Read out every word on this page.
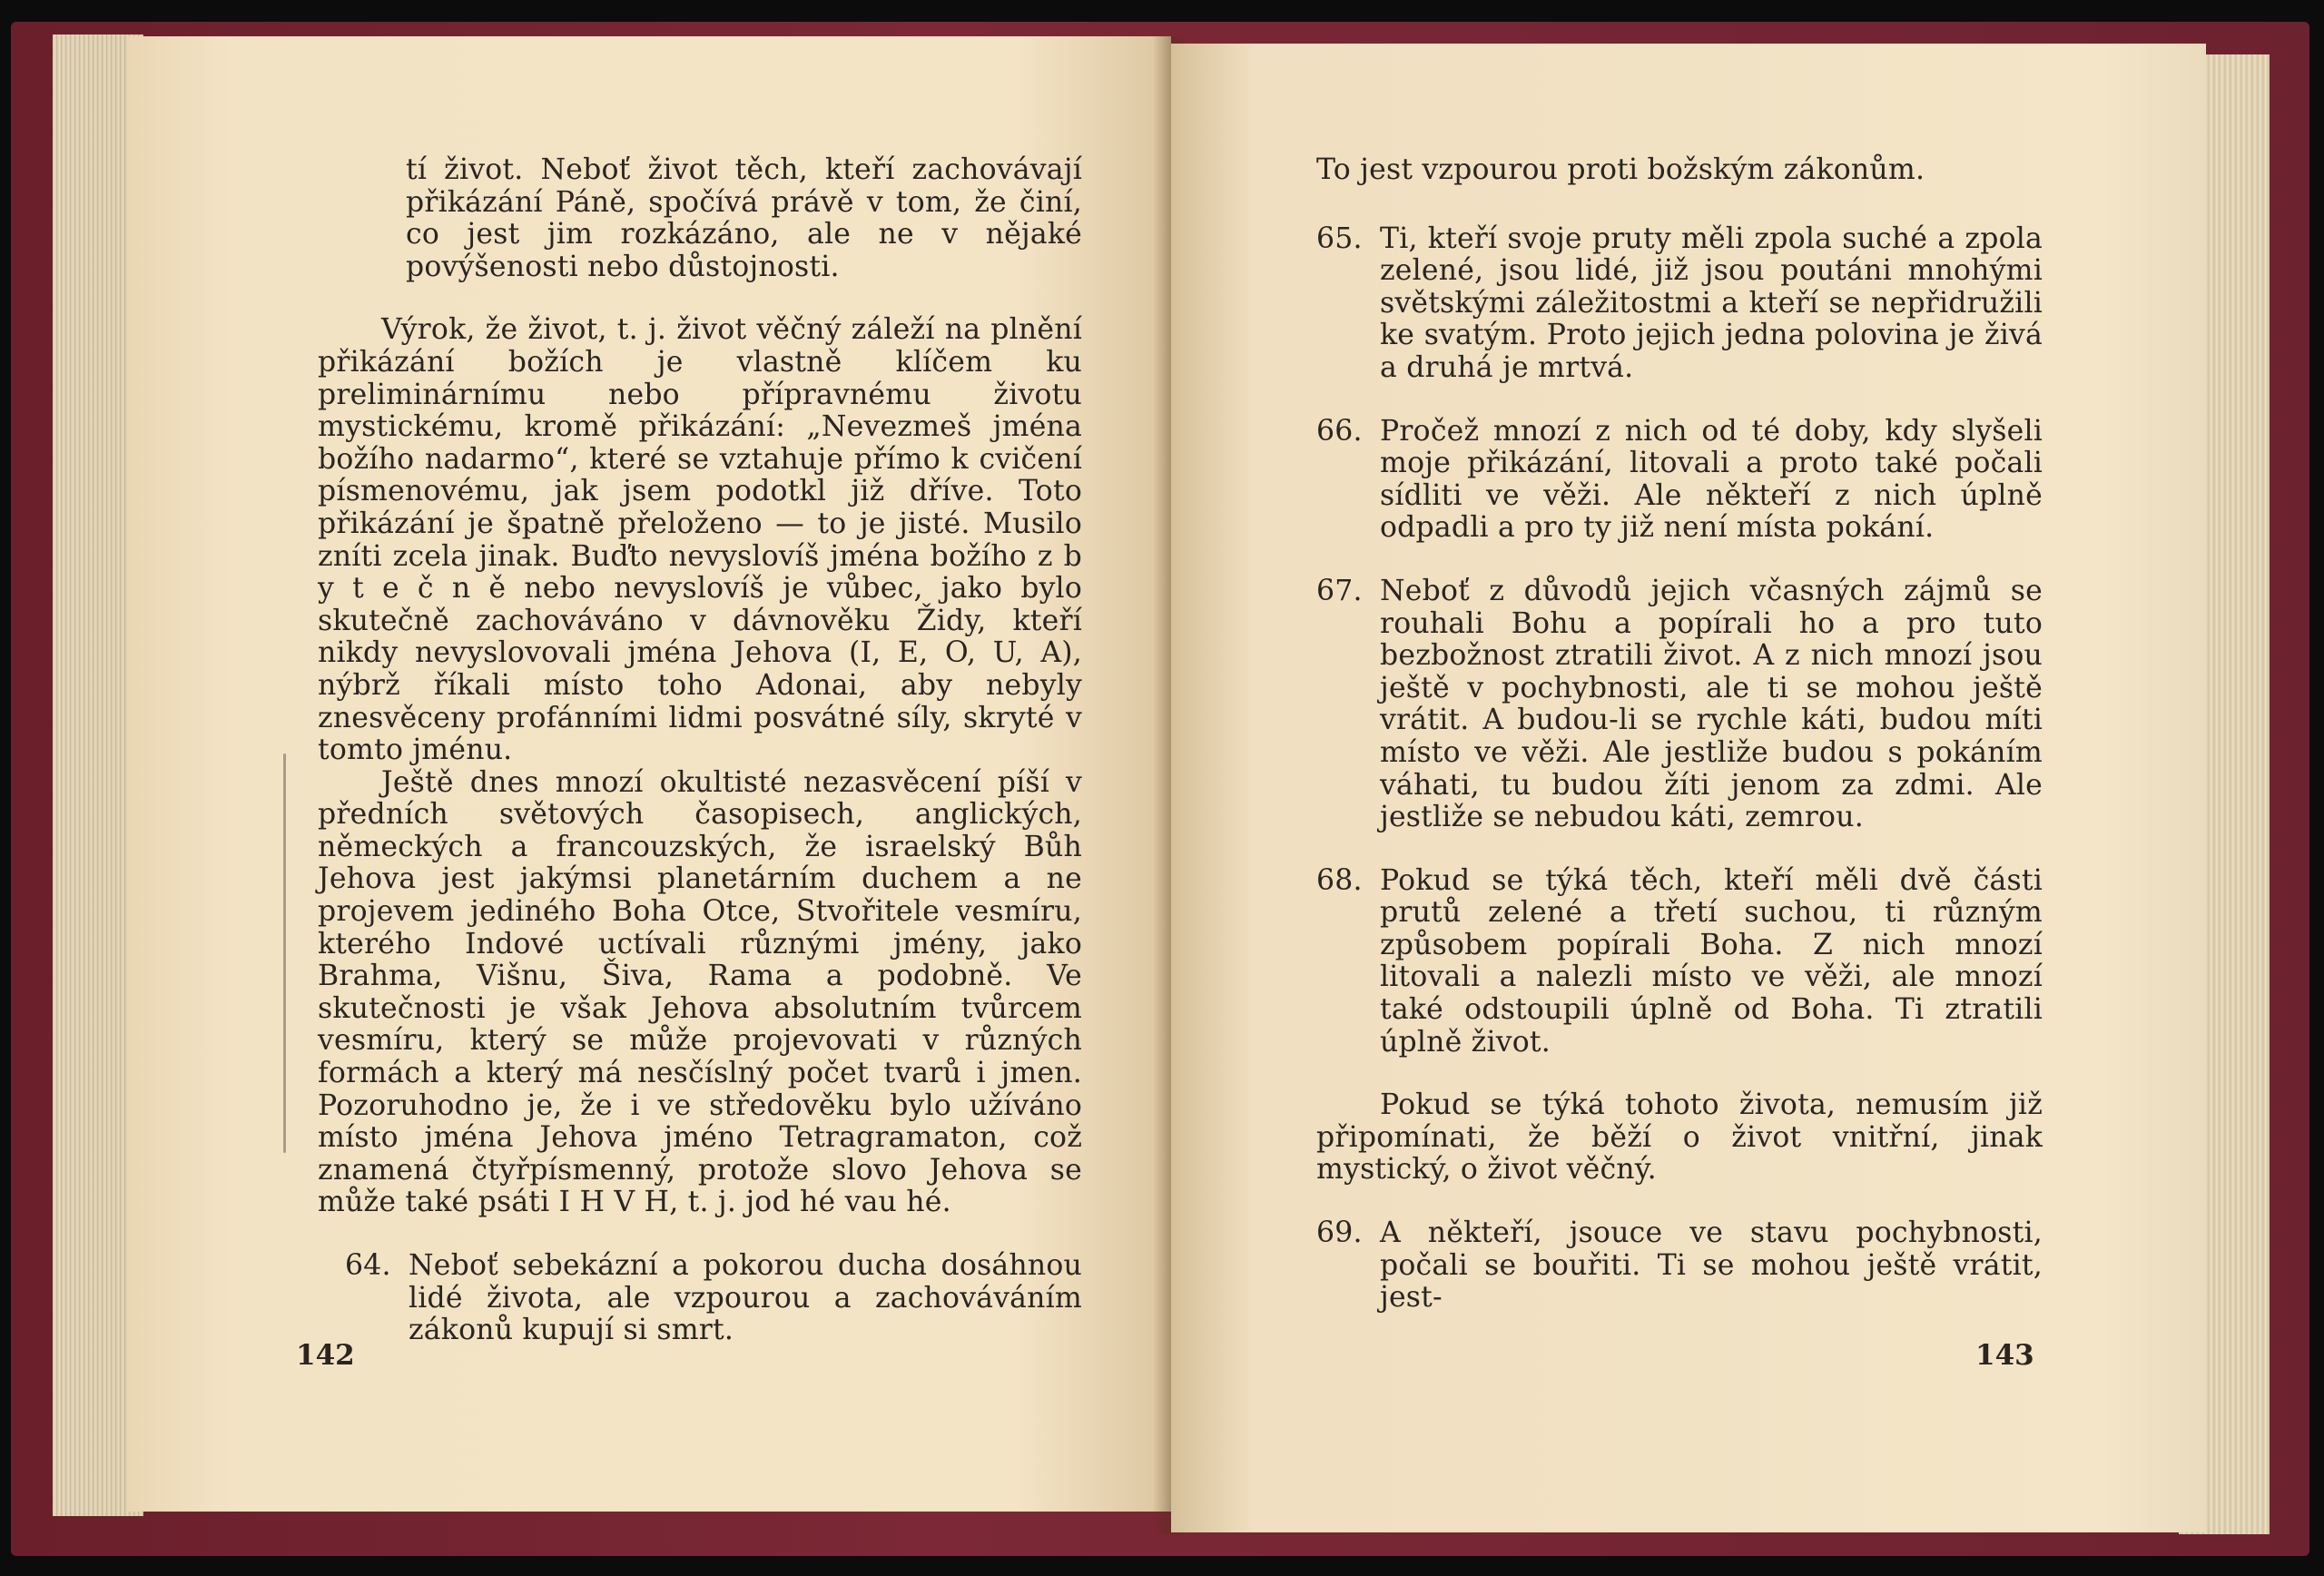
tí život. Neboť život těch, kteří zachovávají přikázání Páně, spočívá právě v tom, že činí, co jest jim rozkázáno, ale ne v nějaké povýšenosti nebo důstojnosti.

Výrok, že život, t. j. život věčný záleží na plnění přikázání božích je vlastně klíčem ku preliminárnímu nebo přípravnému životu mystickému, kromě přikázání: „Nevezmeš jména božího nadarmo“, které se vztahuje přímo k cvičení písmenovému, jak jsem podotkl již dříve. Toto přikázání je špatně přeloženo — to je jisté. Musilo zníti zcela jinak. Buďto nevyslovíš jména božího z b y t e č n ě nebo nevyslovíš je vůbec, jako bylo skutečně zachováváno v dávnověku Židy, kteří nikdy nevyslovovali jména Jehova (I, E, O, U, A), nýbrž říkali místo toho Adonai, aby nebyly znesvěceny profánními lidmi posvátné síly, skryté v tomto jménu.

Ještě dnes mnozí okultisté nezasvěcení píší v předních světových časopisech, anglických, německých a francouzských, že israelský Bůh Jehova jest jakýmsi planetárním duchem a ne projevem jediného Boha Otce, Stvořitele vesmíru, kterého Indové uctívali různými jmény, jako Brahma, Višnu, Šiva, Rama a podobně. Ve skutečnosti je však Jehova absolutním tvůrcem vesmíru, který se může projevovati v různých formách a který má nesčíslný počet tvarů i jmen. Pozoruhodno je, že i ve středověku bylo užíváno místo jména Jehova jméno Tetragramaton, což znamená čtyřpísmenný, protože slovo Jehova se může také psáti I H V H, t. j. jod hé vau hé.

64. Neboť sebekázní a pokorou ducha dosáhnou lidé života, ale vzpourou a zachováváním zákonů kupují si smrt.

142

To jest vzpourou proti božským zákonům.

65. Ti, kteří svoje pruty měli zpola suché a zpola zelené, jsou lidé, již jsou poutáni mnohými světskými záležitostmi a kteří se nepřidružili ke svatým. Proto jejich jedna polovina je živá a druhá je mrtvá.

66. Pročež mnozí z nich od té doby, kdy slyšeli moje přikázání, litovali a proto také počali sídliti ve věži. Ale někteří z nich úplně odpadli a pro ty již není místa pokání.

67. Neboť z důvodů jejich včasných zájmů se rouhali Bohu a popírali ho a pro tuto bezbožnost ztratili život. A z nich mnozí jsou ještě v pochybnosti, ale ti se mohou ještě vrátit. A budou-li se rychle káti, budou míti místo ve věži. Ale jestliže budou s pokáním váhati, tu budou žíti jenom za zdmi. Ale jestliže se nebudou káti, zemrou.

68. Pokud se týká těch, kteří měli dvě části prutů zelené a třetí suchou, ti různým způsobem popírali Boha. Z nich mnozí litovali a nalezli místo ve věži, ale mnozí také odstoupili úplně od Boha. Ti ztratili úplně život.

Pokud se týká tohoto života, nemusím již připomínati, že běží o život vnitřní, jinak mystický, o život věčný.

69. A někteří, jsouce ve stavu pochybnosti, počali se bouřiti. Ti se mohou ještě vrátit, jest-

143
